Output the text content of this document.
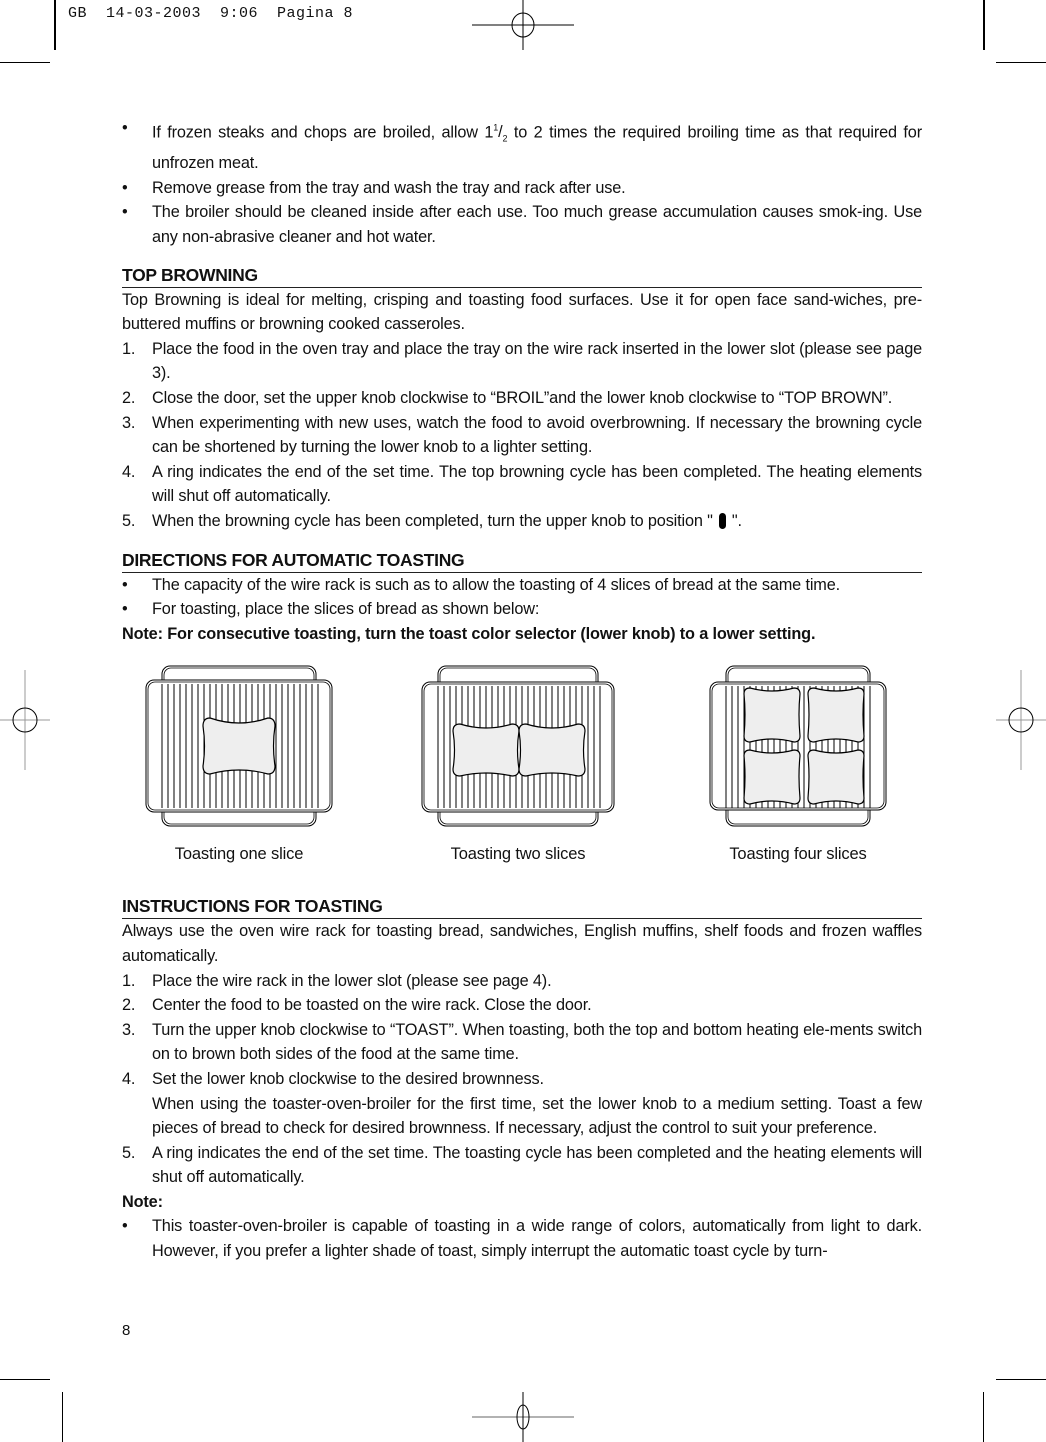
GB  14-03-2003  9:06  Pagina 8
•	If frozen steaks and chops are broiled, allow $1^1/_2$ to 2 times the required broiling time as that required for unfrozen meat.
•	Remove grease from the tray and wash the tray and rack after use.
•	The broiler should be cleaned inside after each use. Too much grease accumulation causes smok-ing. Use any non-abrasive cleaner and hot water.
TOP BROWNING

Top Browning is ideal for melting, crisping and toasting food surfaces. Use it for open face sand-wiches, pre-buttered muffins or browning cooked casseroles.

1.	Place the food in the oven tray and place the tray on the wire rack inserted in the lower slot (please see page 3).
2.	Close the door, set the upper knob clockwise to “BROIL”and the lower knob clockwise to “TOP BROWN”.
3.	When experimenting with new uses, watch the food to avoid overbrowning. If necessary the browning cycle can be shortened by turning the lower knob to a lighter setting.
4.	A ring indicates the end of the set time. The top browning cycle has been completed. The heating elements will shut off automatically.
5.	When the browning cycle has been completed, turn the upper knob to position " ".
DIRECTIONS FOR AUTOMATIC TOASTING
•	The capacity of the wire rack is such as to allow the toasting of 4 slices of bread at the same time.
•	For toasting, place the slices of bread as shown below:

Note: For consecutive toasting, turn the toast color selector (lower knob) to a lower setting.

Toasting one slice	Toasting two slices	Toasting four slices
INSTRUCTIONS FOR TOASTING

Always use the oven wire rack for toasting bread, sandwiches, English muffins, shelf foods and frozen waffles automatically.

1.	Place the wire rack in the lower slot (please see page 4).
2.	Center the food to be toasted on the wire rack. Close the door.
3.	Turn the upper knob clockwise to “TOAST”. When toasting, both the top and bottom heating ele-ments switch on to brown both sides of the food at the same time.
4.	Set the lower knob clockwise to the desired brownness.
When using the toaster-oven-broiler for the first time, set the lower knob to a medium setting. Toast a few pieces of bread to check for desired brownness. If necessary, adjust the control to suit your preference.
5.	A ring indicates the end of the set time. The toasting cycle has been completed and the heating elements will shut off automatically.

Note:

•	This toaster-oven-broiler is capable of toasting in a wide range of colors, automatically from light to dark. However, if you prefer a lighter shade of toast, simply interrupt the automatic toast cycle by turn-
8
